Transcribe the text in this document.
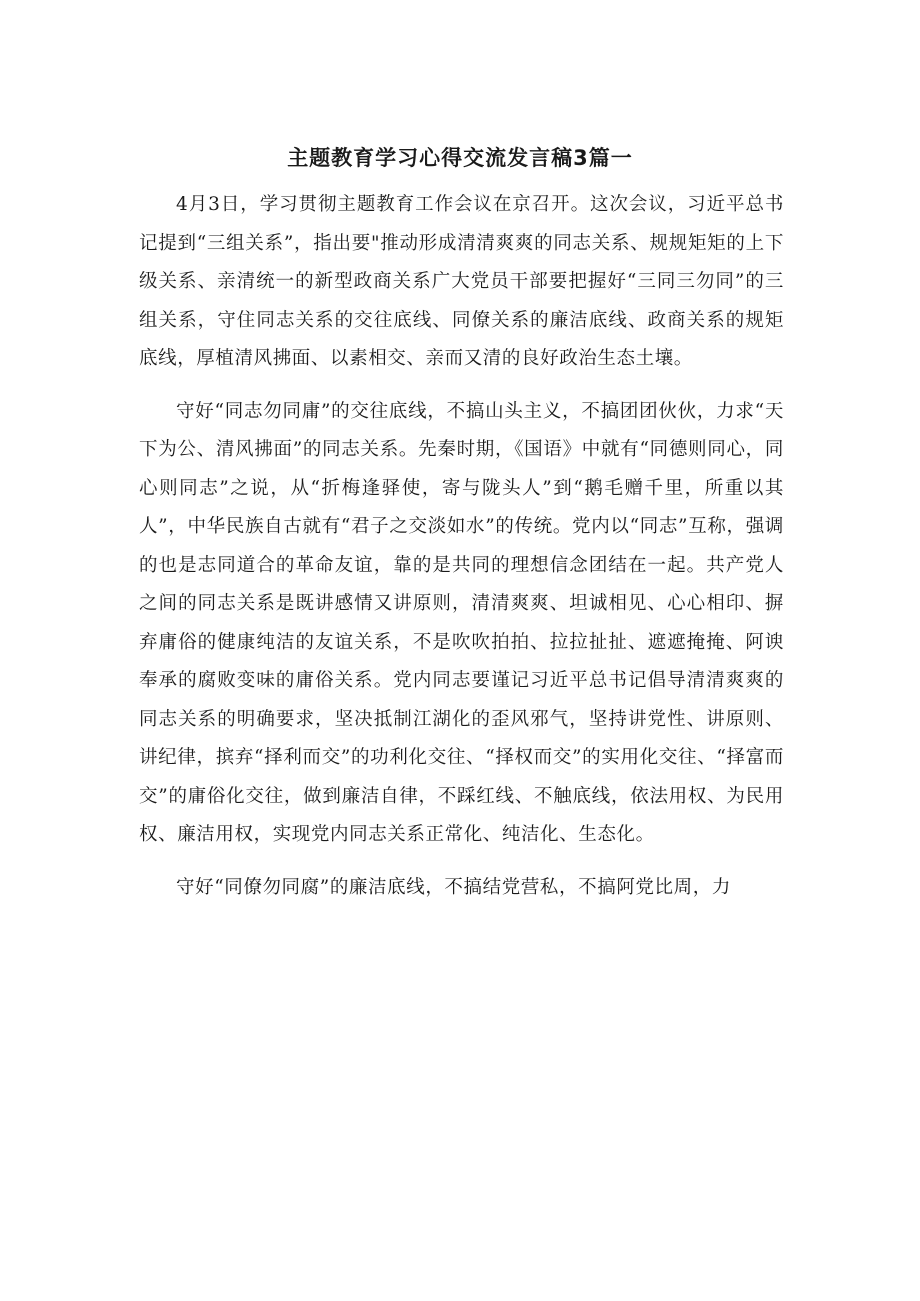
主题教育学习心得交流发言稿3篇一

4月3日，学习贯彻主题教育工作会议在京召开。这次会议，习近平总书记提到“三组关系”，指出要"推动形成清清爽爽的同志关系、规规矩矩的上下级关系、亲清统一的新型政商关系广大党员干部要把握好“三同三勿同”的三组关系，守住同志关系的交往底线、同僚关系的廉洁底线、政商关系的规矩底线，厚植清风拂面、以素相交、亲而又清的良好政治生态土壤。

守好“同志勿同庸”的交往底线，不搞山头主义，不搞团团伙伙，力求“天下为公、清风拂面”的同志关系。先秦时期，《国语》中就有“同德则同心，同心则同志”之说，从“折梅逢驿使，寄与陇头人”到“鹅毛赠千里，所重以其人”，中华民族自古就有“君子之交淡如水”的传统。党内以“同志”互称，强调的也是志同道合的革命友谊，靠的是共同的理想信念团结在一起。共产党人之间的同志关系是既讲感情又讲原则，清清爽爽、坦诚相见、心心相印、摒弃庸俗的健康纯洁的友谊关系，不是吹吹拍拍、拉拉扯扯、遮遮掩掩、阿谀奉承的腐败变味的庸俗关系。党内同志要谨记习近平总书记倡导清清爽爽的同志关系的明确要求，坚决抵制江湖化的歪风邪气，坚持讲党性、讲原则、讲纪律，摈弃“择利而交”的功利化交往、“择权而交”的实用化交往、“择富而交”的庸俗化交往，做到廉洁自律，不踩红线、不触底线，依法用权、为民用权、廉洁用权，实现党内同志关系正常化、纯洁化、生态化。

守好“同僚勿同腐”的廉洁底线，不搞结党营私，不搞阿党比周，力
